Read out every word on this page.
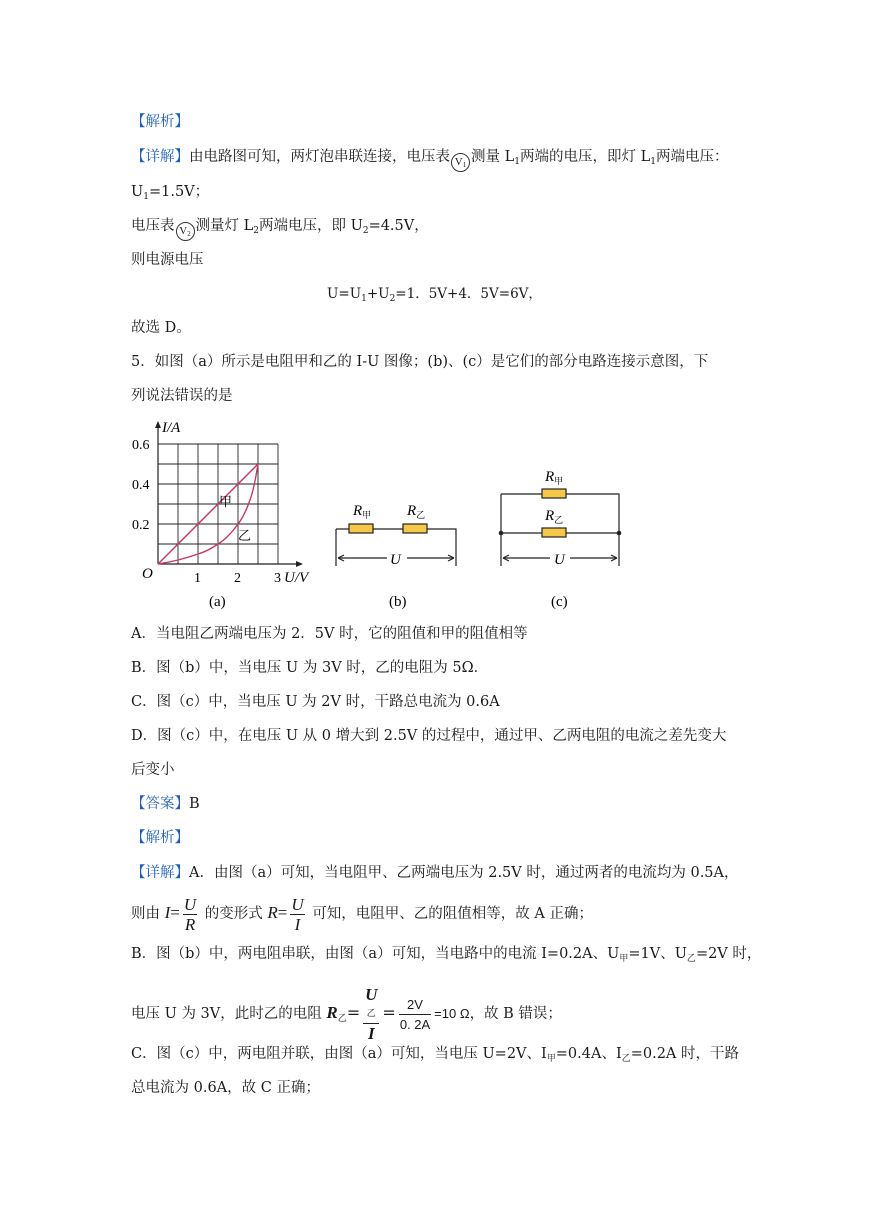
【解析】
【详解】由电路图可知，两灯泡串联连接，电压表 V1 测量 $L_1$两端的电压，即灯 $L_1$两端电压：
$U_1=1.5V$；
电压表 V2 测量灯 $L_2$两端电压，即 $U_2=4.5V$，
则电源电压
$U=U_1+U_2=1$．5V+4．5V=6V，
故选 D。
5．如图（a）所示是电阻甲和乙的 I-U 图像；(b)、(c）是它们的部分电路连接示意图，下
列说法错误的是
I/A
U/V
O
0.2
0.4
0.6
1 2 3
甲
乙
(a)
$R_甲$ $R_乙$
U
(b)
$R_甲$
$R_乙$
U
(c)
A．当电阻乙两端电压为 2．5V 时，它的阻值和甲的阻值相等
B．图（b）中，当电压 U 为 3V 时，乙的电阻为 5Ω．
C．图（c）中，当电压 U 为 2V 时，干路总电流为 0.6A
D．图（c）中，在电压 U 从 0 增大到 2.5V 的过程中，通过甲、乙两电阻的电流之差先变大
后变小
【答案】B
【解析】
【详解】A．由图（a）可知，当电阻甲、乙两端电压为 2.5V 时，通过两者的电流均为 0.5A，
则由 $I= \frac{U}{R}$ 的变形式 $R= \frac{U}{I}$ 可知，电阻甲、乙的阻值相等，故 A 正确；
B．图（b）中，两电阻串联，由图（a）可知，当电路中的电流 I=0.2A、$U_甲=1V$、$U_乙=2V$ 时，
电压 U 为 3V，此时乙的电阻 $R_乙= U$
乙
$I = \frac{2V}{0. 2A} =10$ Ω，故 B 错误；
C．图（c）中，两电阻并联，由图（a）可知，当电压 U=2V、$I_甲=0.4A$、$I_乙=0.2A$ 时，干路
总电流为 0.6A，故 C 正确；
